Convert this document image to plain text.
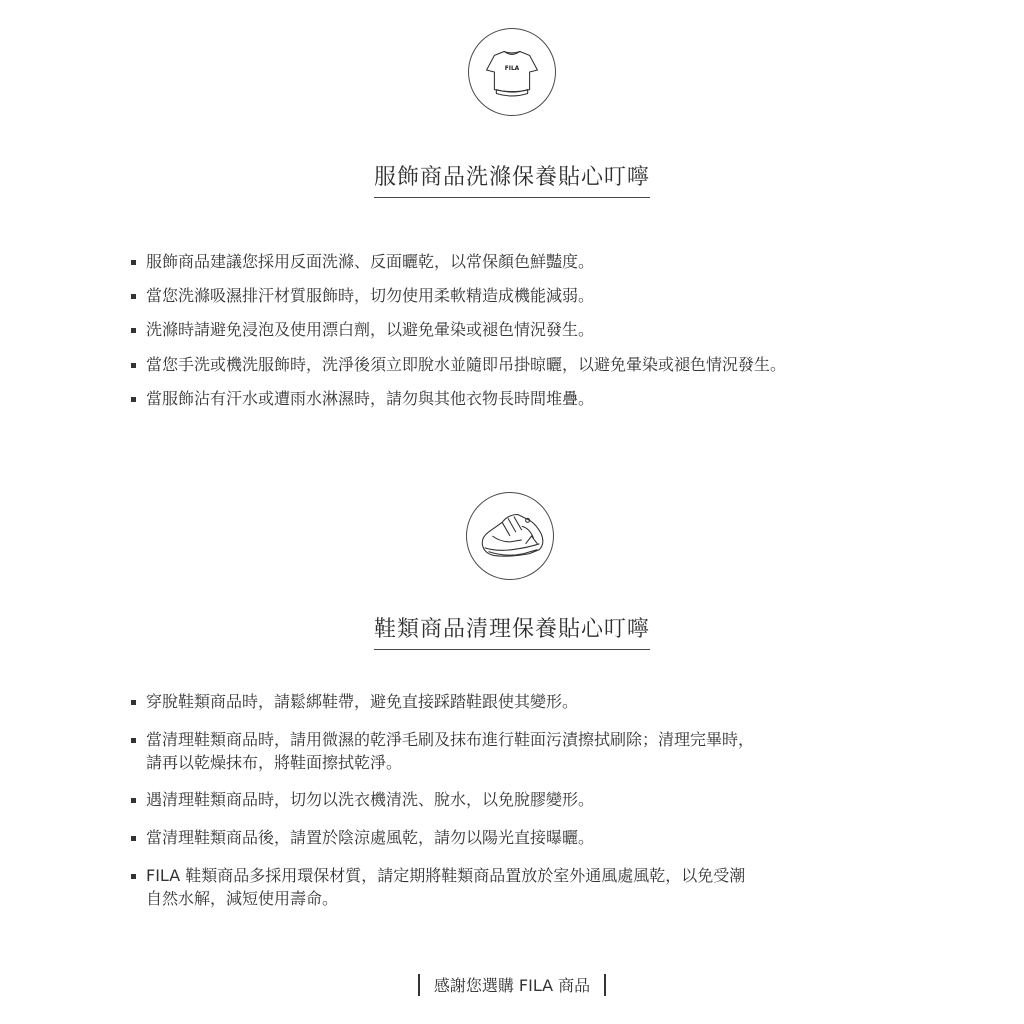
FILA
服飾商品洗滌保養貼心叮嚀
服飾商品建議您採用反面洗滌、反面曬乾，以常保顏色鮮豔度。
當您洗滌吸濕排汗材質服飾時，切勿使用柔軟精造成機能減弱。
洗滌時請避免浸泡及使用漂白劑，以避免暈染或褪色情況發生。
當您手洗或機洗服飾時，洗淨後須立即脫水並隨即吊掛晾曬，以避免暈染或褪色情況發生。
當服飾沾有汗水或遭雨水淋濕時，請勿與其他衣物長時間堆疊。
鞋類商品清理保養貼心叮嚀
穿脫鞋類商品時，請鬆綁鞋帶，避免直接踩踏鞋跟使其變形。
當清理鞋類商品時，請用微濕的乾淨毛刷及抹布進行鞋面污漬擦拭刷除；清理完畢時，
請再以乾燥抹布，將鞋面擦拭乾淨。
遇清理鞋類商品時，切勿以洗衣機清洗、脫水，以免脫膠變形。
當清理鞋類商品後，請置於陰涼處風乾，請勿以陽光直接曝曬。
FILA 鞋類商品多採用環保材質，請定期將鞋類商品置放於室外通風處風乾，以免受潮
自然水解，減短使用壽命。
感謝您選購 FILA 商品
